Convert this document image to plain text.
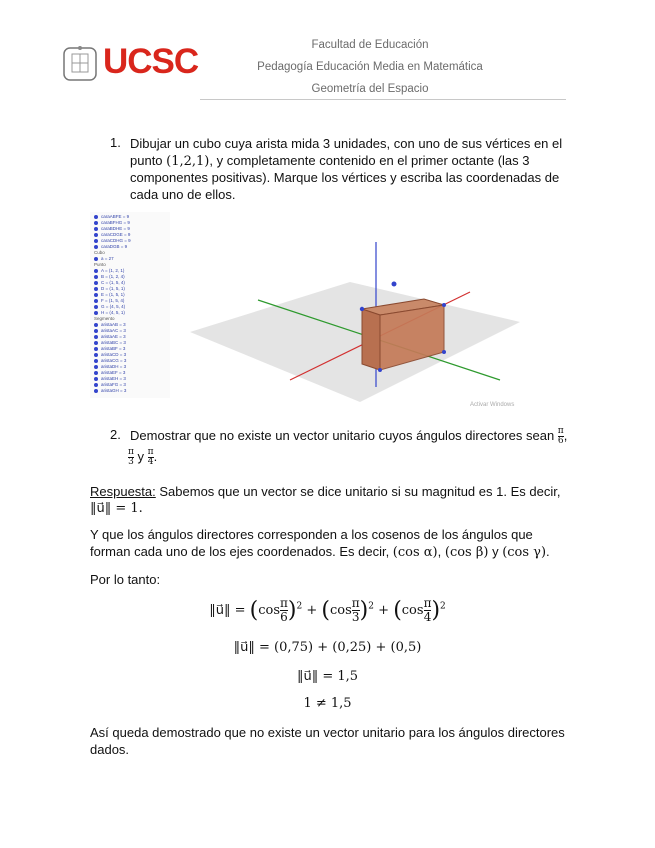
UCSC	Facultad de Educación
Pedagogía Educación Media en Matemática
Geometría del Espacio
1. Dibujar un cubo cuya arista mida 3 unidades, con uno de sus vértices en el

punto (1,2,1), y completamente contenido en el primer octante (las 3

componentes positivas). Marque los vértices y escriba las coordenadas de

cada uno de ellos.

caraABFE = 9
caraBFHG = 9
caraBDHE = 9
caraCDGE = 9
caraCDHG = 9
caraDGB = 9
Cubo
a = 27
Punto
A = (1, 2, 1)
B = (1, 2, 4)
C = (1, 5, 4)
D = (1, 5, 1)
E = (1, 5, 1)
F = (1, 5, 4)
G = (4, 5, 4)
H = (4, 5, 1)
Segmento
aristaAB = 3
aristaAC = 3
aristaAE = 3
aristaBC = 3
aristaBF = 3
aristaCD = 3
aristaCG = 3
aristaDH = 3
aristaEF = 3
aristaEH = 3
aristaFG = 3
aristaGH = 3
Activar Windows
2. Demostrar que no existe un vector unitario cuyos ángulos directores sean $\frac{\pi}{6}$ ,

$\frac{\pi}{3}$ y $\frac{\pi}{4}$ .

Respuesta: Sabemos que un vector se dice unitario si su magnitud es 1. Es decir,

‖u⃗‖ = 1.

Y que los ángulos directores corresponden a los cosenos de los ángulos que

forman cada uno de los ejes coordenados. Es decir, (cos α), (cos β) y (cos γ).

Por lo tanto:

‖u⃗‖ = $(\cos \frac{\pi}{6} )^2 + (\cos \frac{\pi}{3} )^2 + (\cos \frac{\pi}{4} )^2$
‖u⃗‖ = (0,75) + (0,25) + (0,5)
‖u⃗‖ = 1,5
1 ≠ 1,5

Así queda demostrado que no existe un vector unitario para los ángulos directores

dados.
